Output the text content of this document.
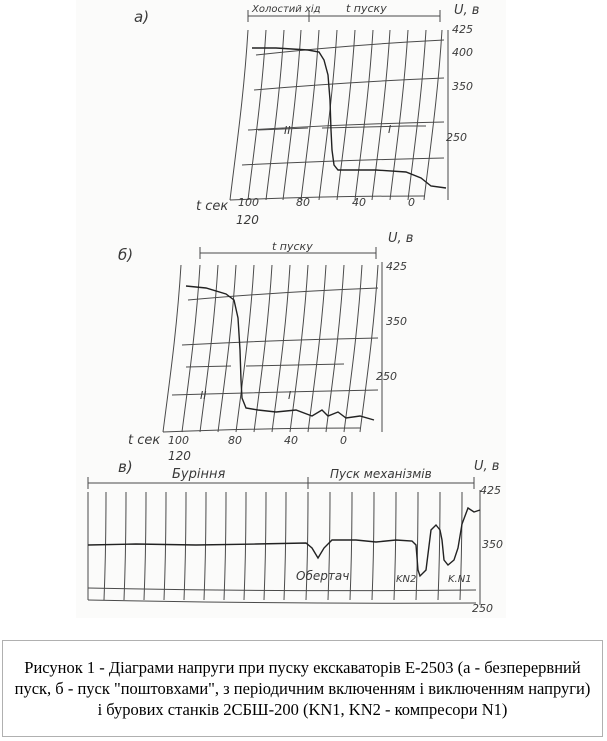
а)	Холостий хід t пуску	U, в
425
400
350
250
ІІ	І
t сек 100	80	40	0
120
б)	t пуску
U, в
425
350
250
ІІ	І
t сек 100	80	40	0
120
в)	Буріння	Пуск механізмів	U, в
425
350
250
Обертач	KN2	K.N1
Рисунок 1 - Діаграми напруги при пуску екскаваторів Е-2503 (а - безперервний пуск, б - пуск "поштовхами", з періодичним включенням і виключенням напруги) і бурових станків 2СБШ-200 (KN1, KN2 - компресори N1)
